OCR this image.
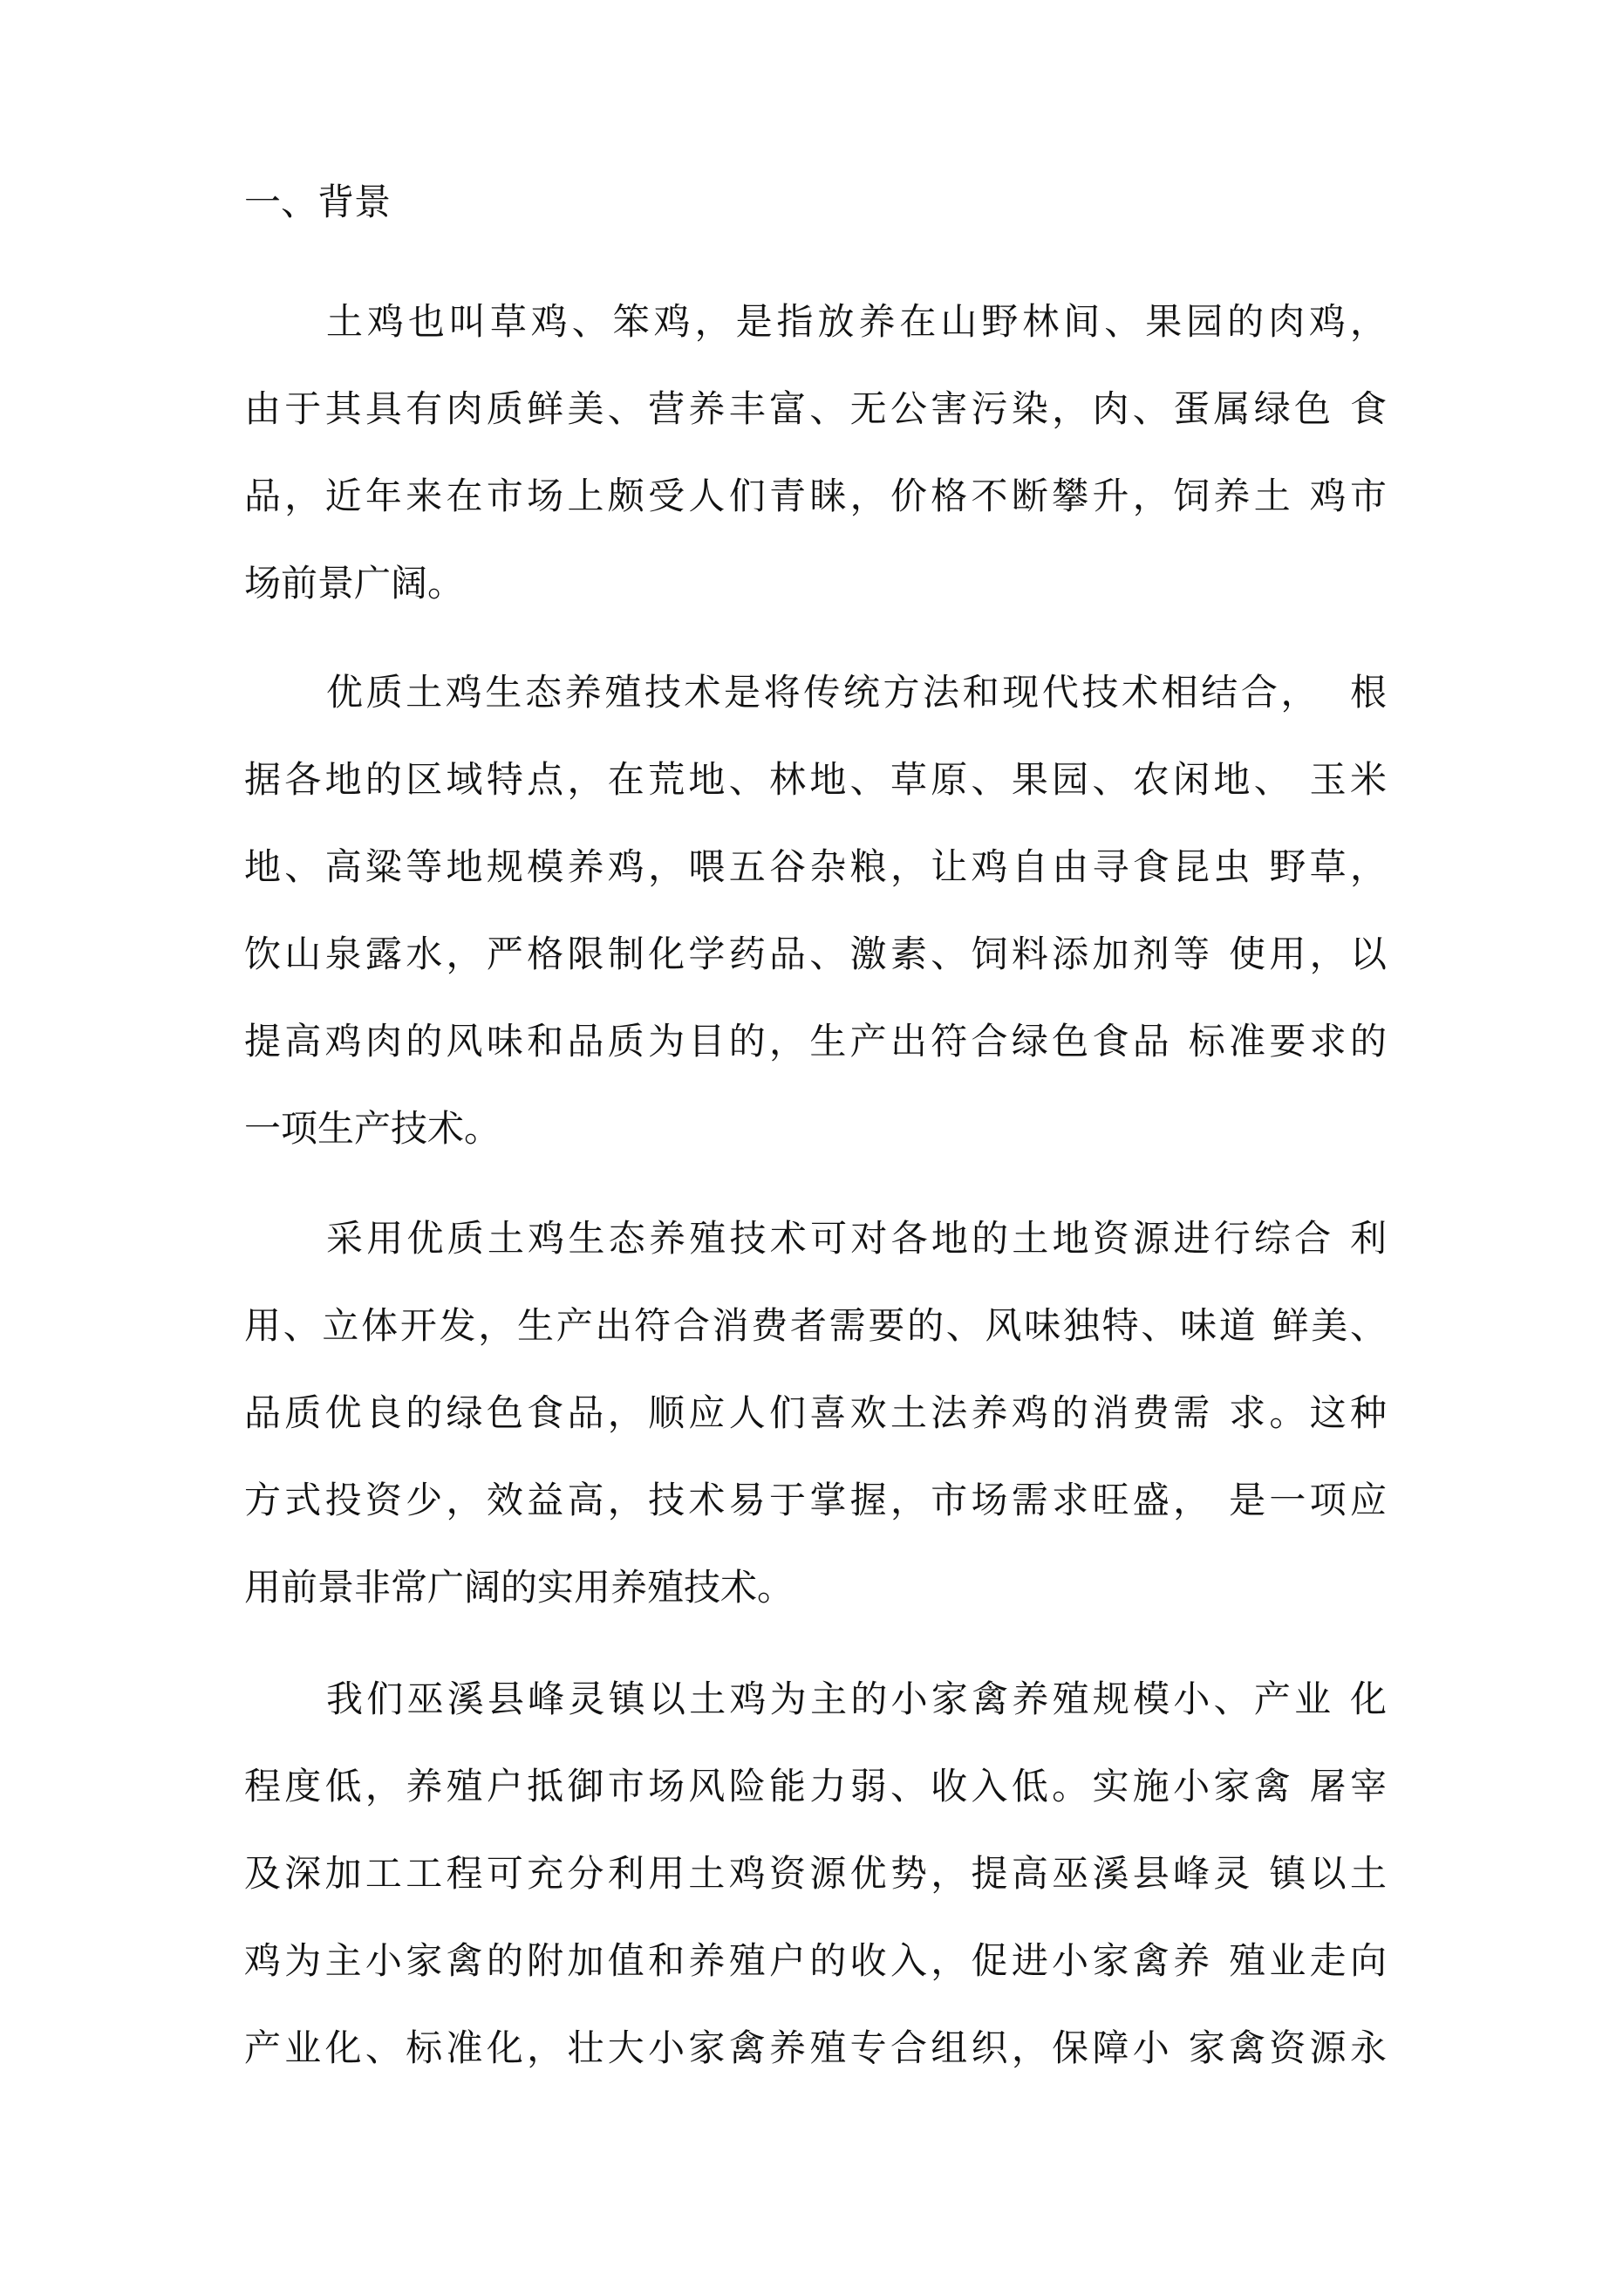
一、背景
土鸡也叫草鸡、笨鸡，是指放养在山野林间、果园的肉鸡，
由于其具有肉质鲜美、营养丰富、无公害污染，肉、蛋属绿色 食
品，近年来在市场上颇受人们青睐，价格不断攀升，饲养土 鸡市
场前景广阔。
优质土鸡生态养殖技术是将传统方法和现代技术相结合，  根
据各地的区域特点，在荒地、林地、草原、果园、农闲地、 玉米
地、高粱等地规模养鸡，喂五谷杂粮，让鸡自由寻食昆虫 野草，
饮山泉露水，严格限制化学药品、激素、饲料添加剂等 使用，以
提高鸡肉的风味和品质为目的，生产出符合绿色食品 标准要求的
一项生产技术。
采用优质土鸡生态养殖技术可对各地的土地资源进行综合 利
用、立体开发，生产出符合消费者需要的、风味独特、味道 鲜美、
品质优良的绿色食品，顺应人们喜欢土法养鸡的消费需 求。这种
方式投资少，效益高，技术易于掌握，市场需求旺盛， 是一项应
用前景非常广阔的实用养殖技术。
我们巫溪县峰灵镇以土鸡为主的小家禽养殖规模小、产业 化
程度低，养殖户抵御市场风险能力弱、收入低。实施小家禽 屠宰
及深加工工程可充分利用土鸡资源优势，提高巫溪县峰灵 镇以土
鸡为主小家禽的附加值和养殖户的收入，促进小家禽养 殖业走向
产业化、标准化，壮大小家禽养殖专合组织，保障小 家禽资源永
